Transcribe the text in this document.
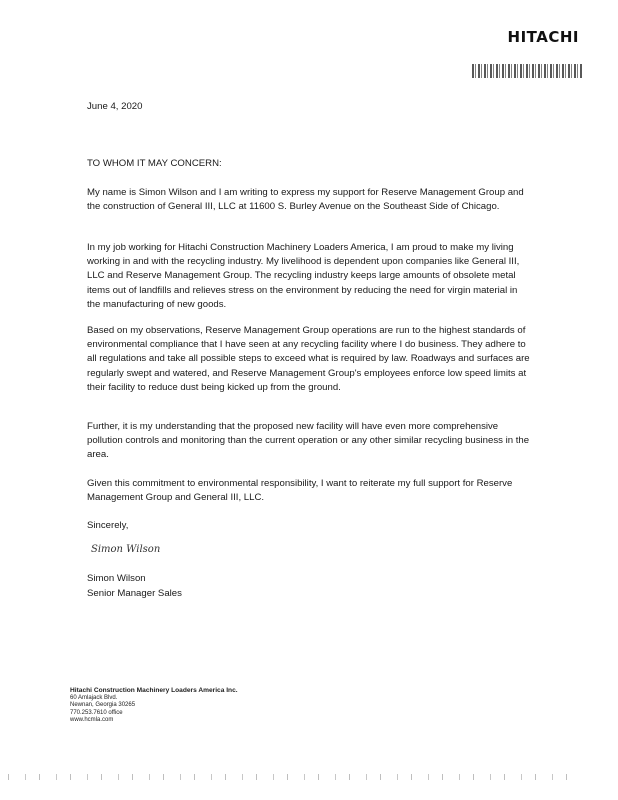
HITACHI
June 4, 2020
TO WHOM IT MAY CONCERN:
My name is Simon Wilson and I am writing to express my support for Reserve Management Group and the construction of General III, LLC at 11600 S. Burley Avenue on the Southeast Side of Chicago.
In my job working for Hitachi Construction Machinery Loaders America, I am proud to make my living working in and with the recycling industry. My livelihood is dependent upon companies like General III, LLC and Reserve Management Group. The recycling industry keeps large amounts of obsolete metal items out of landfills and relieves stress on the environment by reducing the need for virgin material in the manufacturing of new goods.
Based on my observations, Reserve Management Group operations are run to the highest standards of environmental compliance that I have seen at any recycling facility where I do business. They adhere to all regulations and take all possible steps to exceed what is required by law. Roadways and surfaces are regularly swept and watered, and Reserve Management Group's employees enforce low speed limits at their facility to reduce dust being kicked up from the ground.
Further, it is my understanding that the proposed new facility will have even more comprehensive pollution controls and monitoring than the current operation or any other similar recycling business in the area.
Given this commitment to environmental responsibility, I want to reiterate my full support for Reserve Management Group and General III, LLC.
Sincerely,
Simon Wilson
Simon Wilson
Senior Manager Sales
Hitachi Construction Machinery Loaders America Inc.
60 Amlajack Blvd.
Newnan, Georgia 30265
770.253.7610 office
www.hcmla.com
